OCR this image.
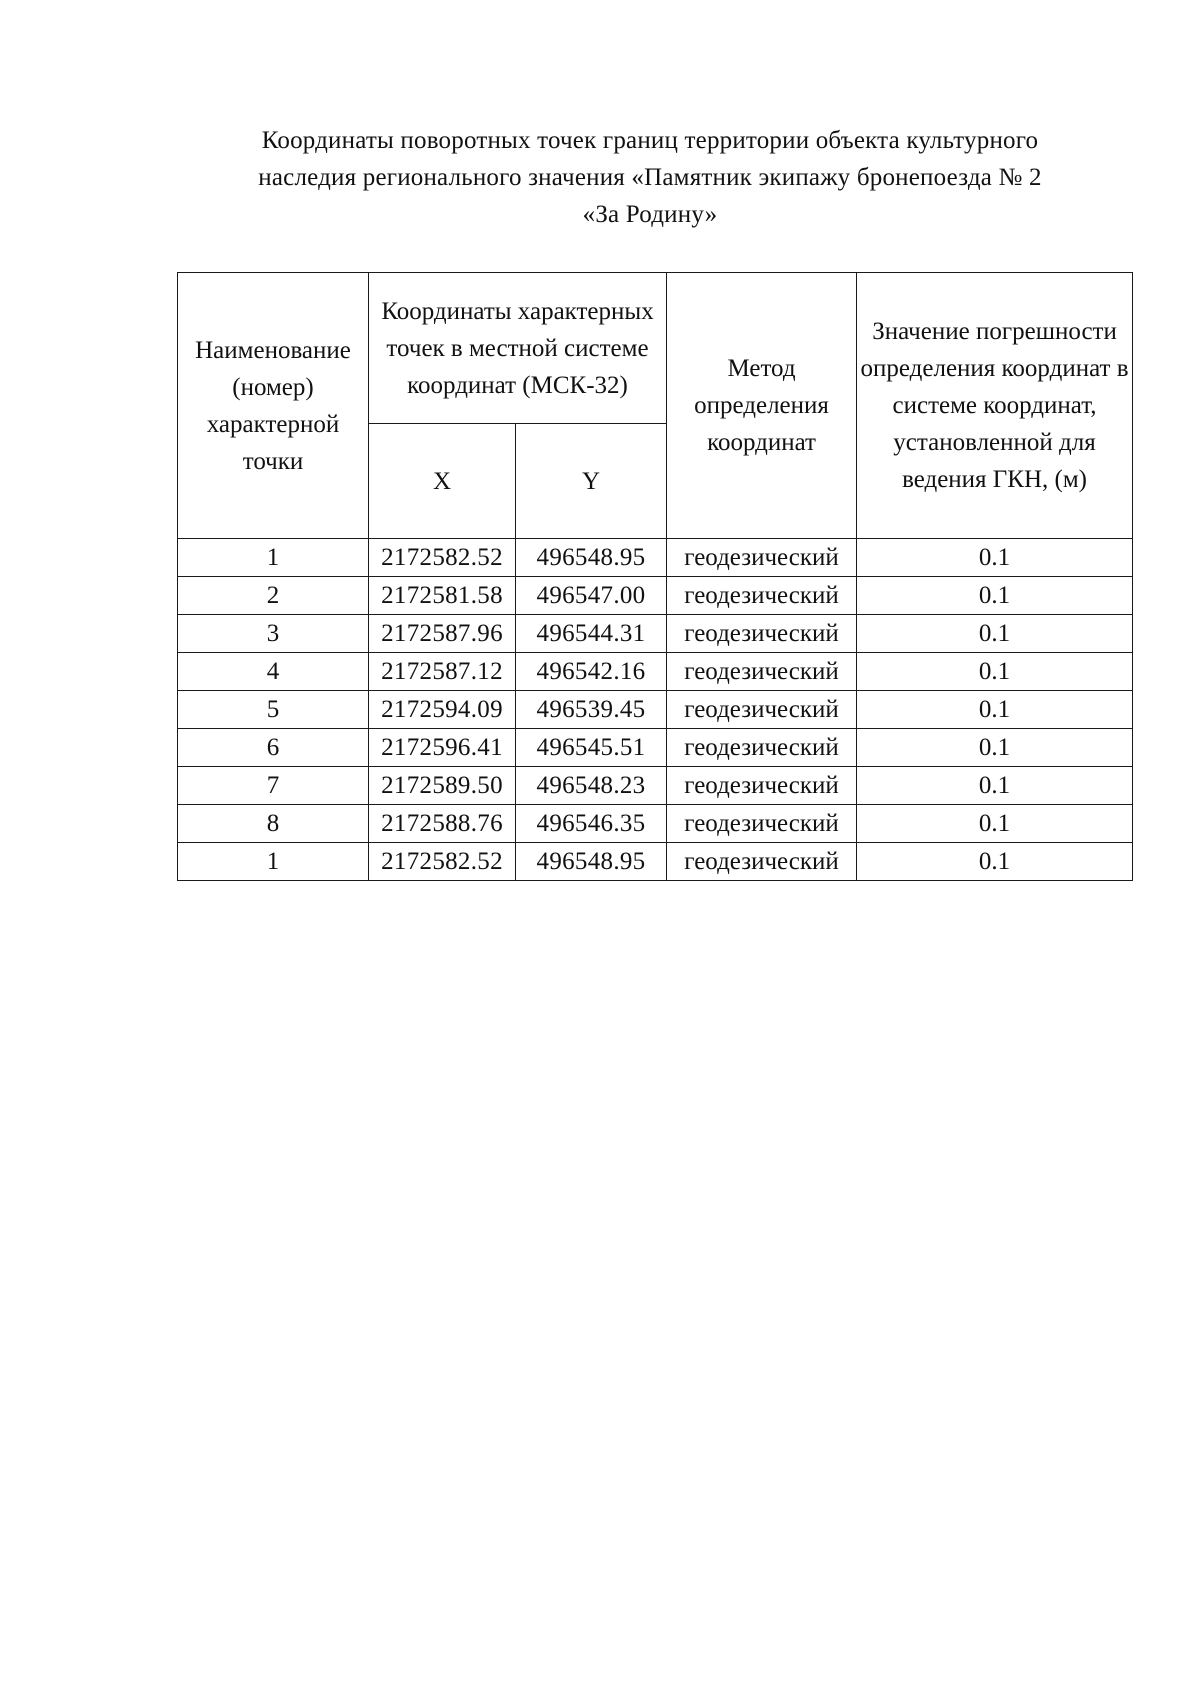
Координаты поворотных точек границ территории объекта культурного
наследия регионального значения «Памятник экипажу бронепоезда № 2
«За Родину»
Наименование (номер) характерной точки	Координаты характерных точек в местной системе координат (МСК-32)		Метод определения координат	Значение погрешности определения координат в системе координат, установленной для ведения ГКН, (м)
	X	Y		
1	2172582.52	496548.95	геодезический	0.1
2	2172581.58	496547.00	геодезический	0.1
3	2172587.96	496544.31	геодезический	0.1
4	2172587.12	496542.16	геодезический	0.1
5	2172594.09	496539.45	геодезический	0.1
6	2172596.41	496545.51	геодезический	0.1
7	2172589.50	496548.23	геодезический	0.1
8	2172588.76	496546.35	геодезический	0.1
1	2172582.52	496548.95	геодезический	0.1
